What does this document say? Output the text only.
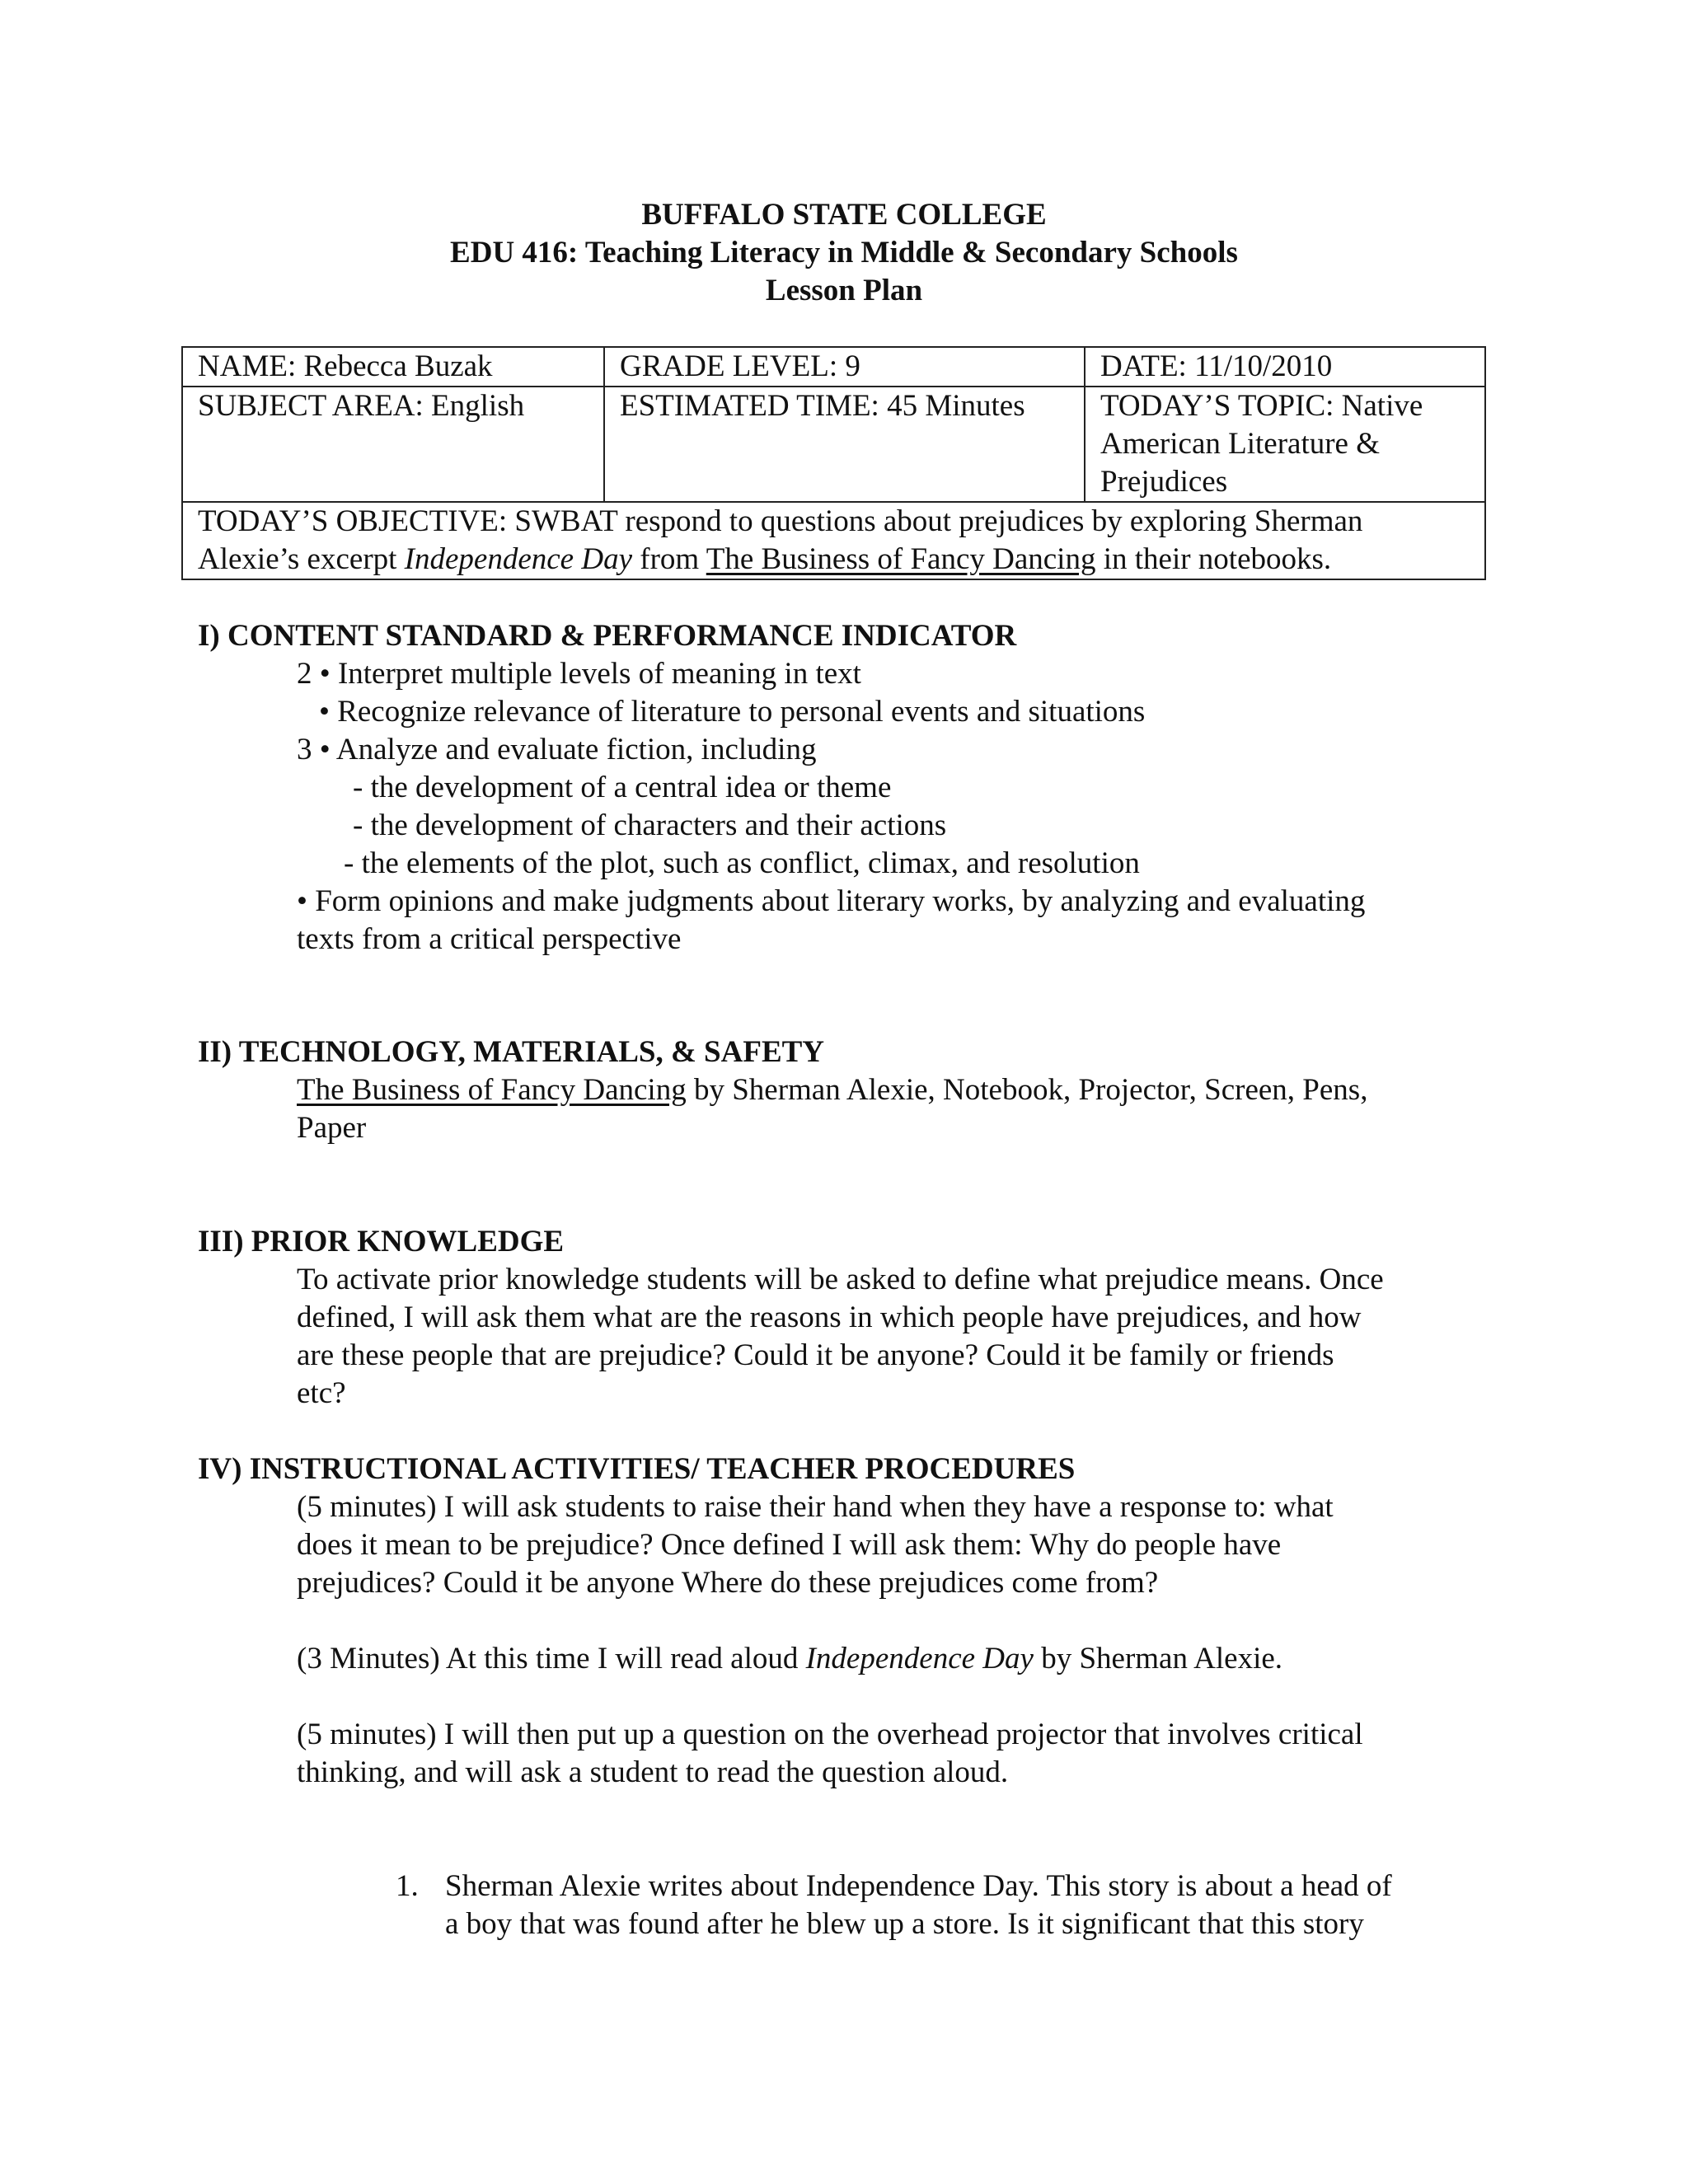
BUFFALO STATE COLLEGE
EDU 416: Teaching Literacy in Middle & Secondary Schools
Lesson Plan
NAME: Rebecca Buzak	GRADE LEVEL: 9	DATE: 11/10/2010
SUBJECT AREA: English	ESTIMATED TIME: 45 Minutes	TODAY’S TOPIC: Native
American Literature &
Prejudices

TODAY’S OBJECTIVE: SWBAT respond to questions about prejudices by exploring Sherman
Alexie’s excerpt Independence Day from The Business of Fancy Dancing in their notebooks.		
I) CONTENT STANDARD & PERFORMANCE INDICATOR
2 • Interpret multiple levels of meaning in text
• Recognize relevance of literature to personal events and situations
3 • Analyze and evaluate fiction, including
- the development of a central idea or theme
- the development of characters and their actions
- the elements of the plot, such as conflict, climax, and resolution
• Form opinions and make judgments about literary works, by analyzing and evaluating
texts from a critical perspective
II) TECHNOLOGY, MATERIALS, & SAFETY
The Business of Fancy Dancing by Sherman Alexie, Notebook, Projector, Screen, Pens,
Paper
III) PRIOR KNOWLEDGE
To activate prior knowledge students will be asked to define what prejudice means. Once
defined, I will ask them what are the reasons in which people have prejudices, and how
are these people that are prejudice? Could it be anyone? Could it be family or friends
etc?
IV) INSTRUCTIONAL ACTIVITIES/ TEACHER PROCEDURES
(5 minutes) I will ask students to raise their hand when they have a response to: what
does it mean to be prejudice? Once defined I will ask them: Why do people have
prejudices? Could it be anyone Where do these prejudices come from?
(3 Minutes) At this time I will read aloud Independence Day by Sherman Alexie.
(5 minutes) I will then put up a question on the overhead projector that involves critical
thinking, and will ask a student to read the question aloud.
1. Sherman Alexie writes about Independence Day. This story is about a head of
a boy that was found after he blew up a store. Is it significant that this story
